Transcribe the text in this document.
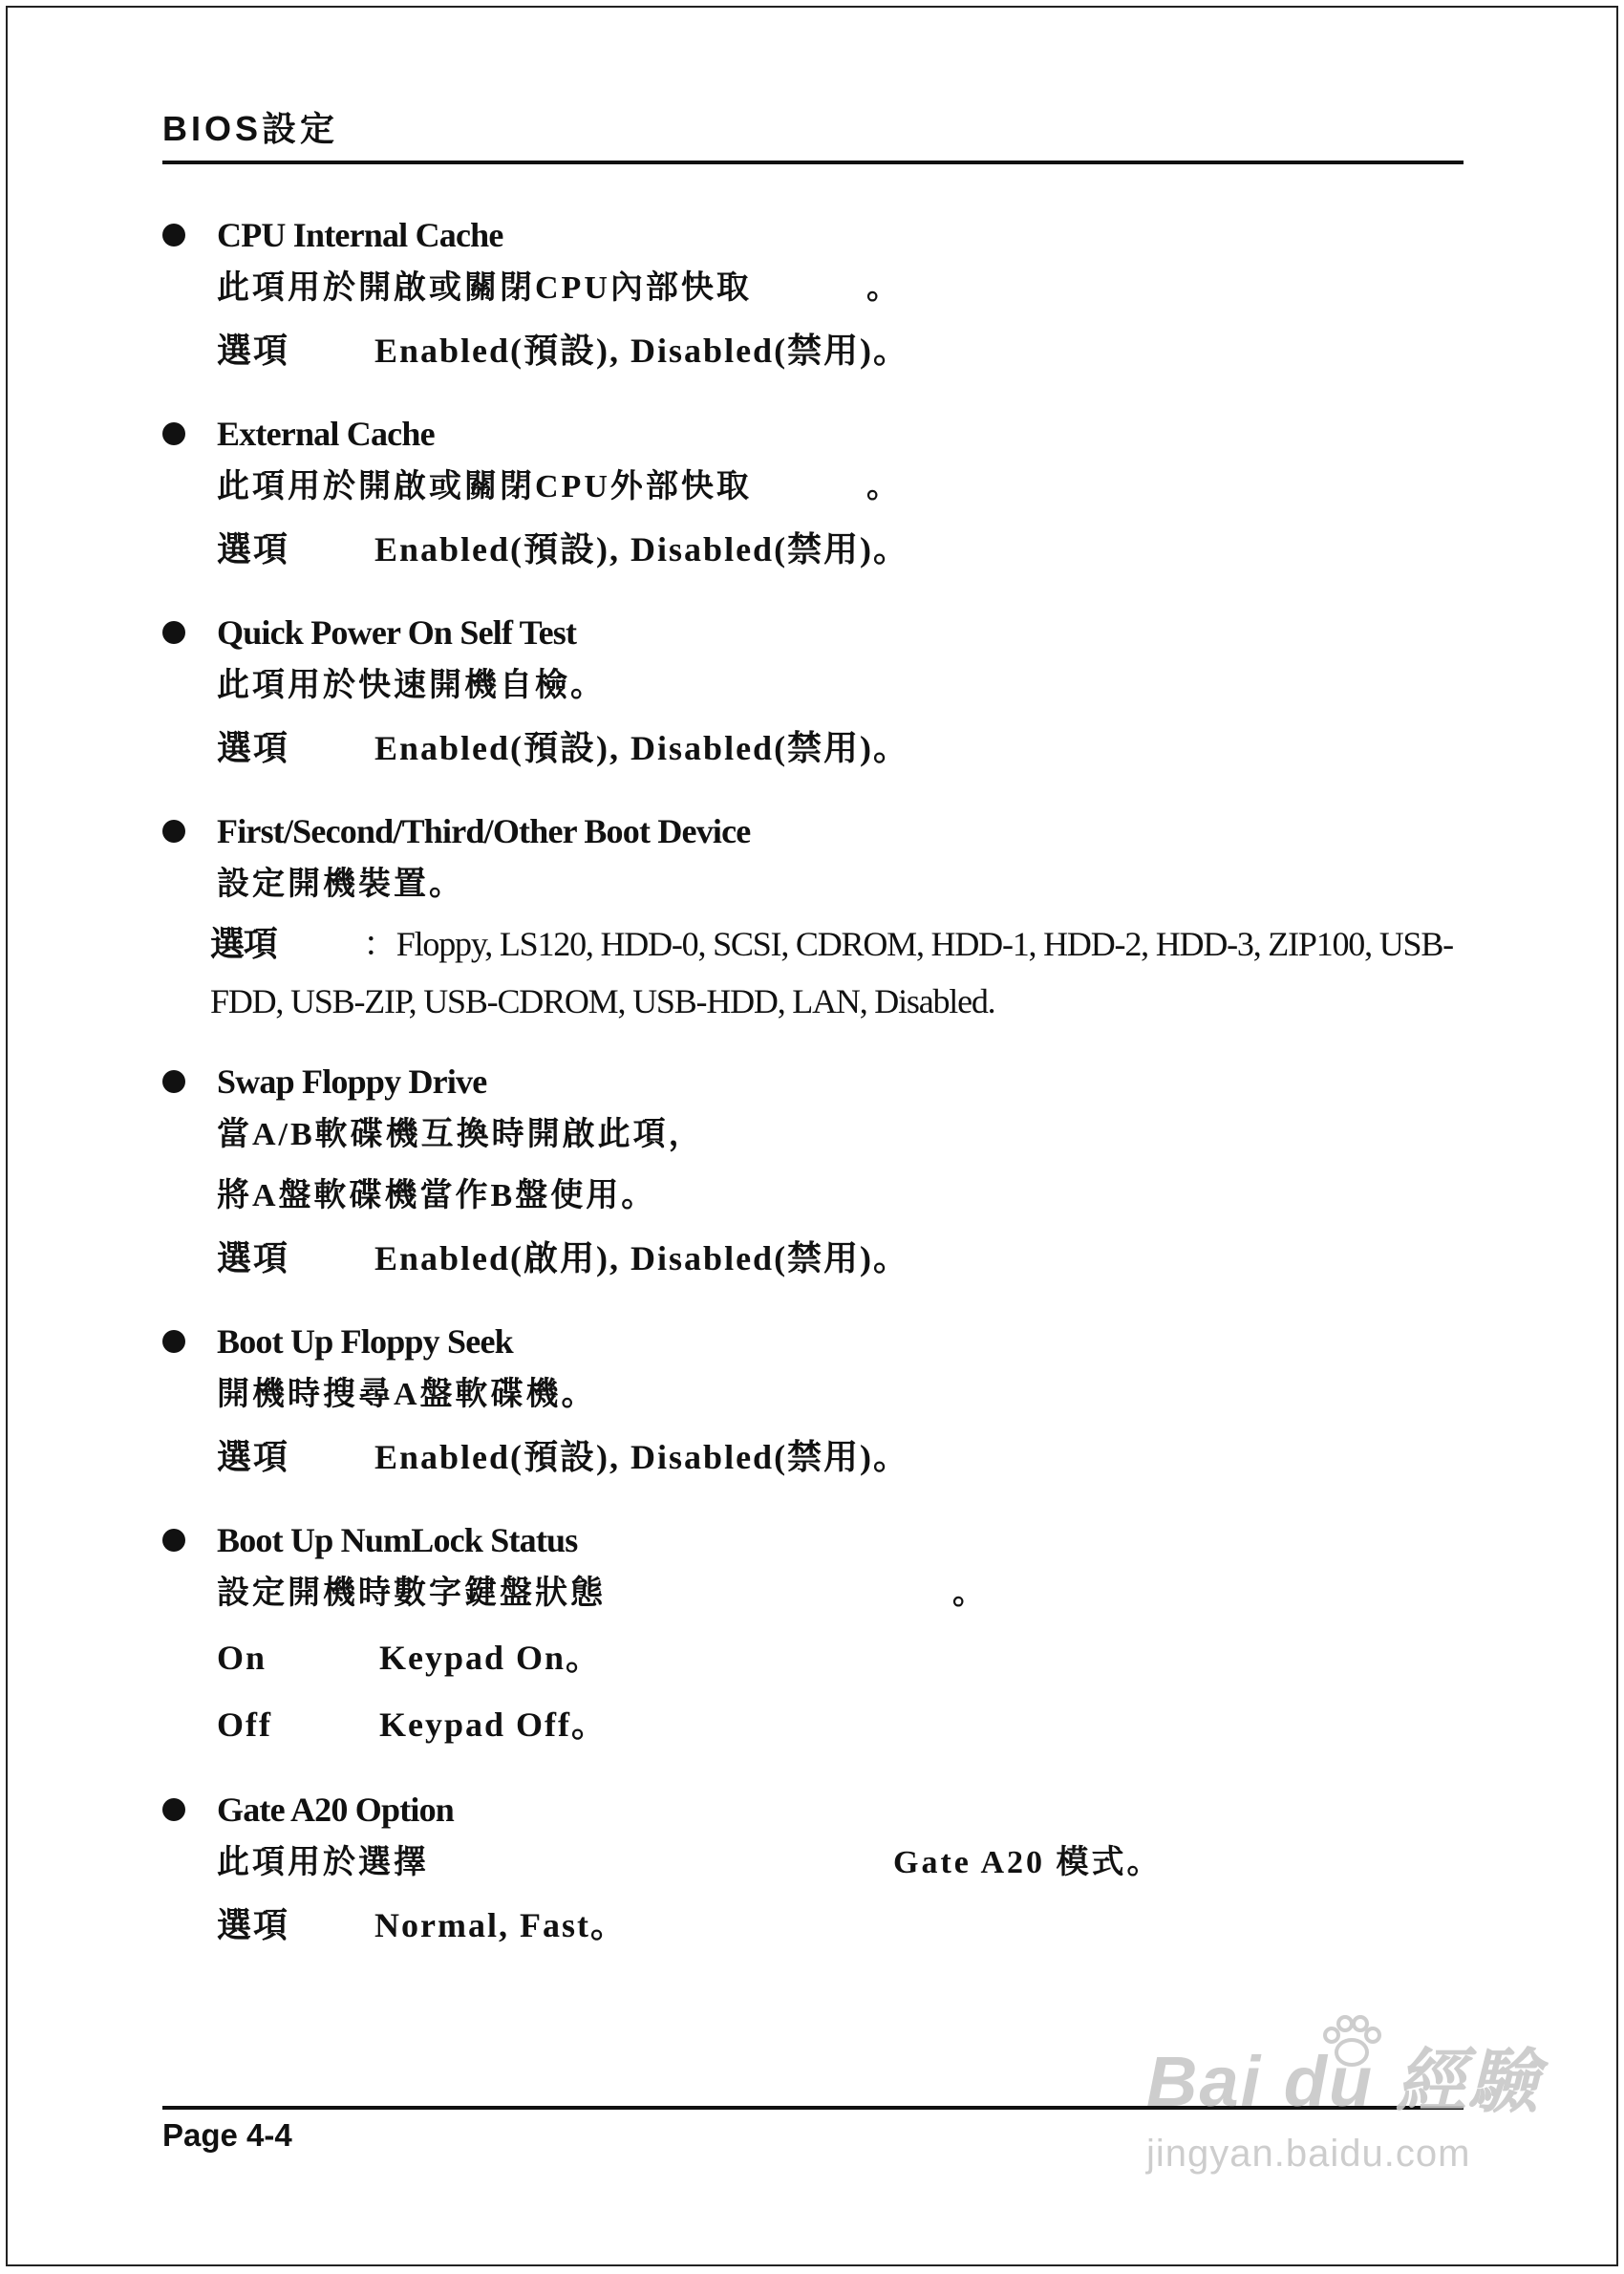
BIOS設定
CPU Internal Cache
此項用於開啟或關閉CPU內部快取	。
選項 Enabled(預設), Disabled(禁用)。
External Cache
此項用於開啟或關閉CPU外部快取	。
選項 Enabled(預設), Disabled(禁用)。
Quick Power On Self Test
此項用於快速開機自檢。
選項 Enabled(預設), Disabled(禁用)。
First/Second/Third/Other Boot Device
設定開機裝置。
選項	：Floppy, LS120, HDD-0, SCSI, CDROM, HDD-1, HDD-2, HDD-3, ZIP100, USB-FDD, USB-ZIP, USB-CDROM, USB-HDD, LAN, Disabled.
Swap Floppy Drive
當A/B軟碟機互換時開啟此項，
將A盤軟碟機當作B盤使用。
選項 Enabled(啟用), Disabled(禁用)。
Boot Up Floppy Seek
開機時搜尋A盤軟碟機。
選項 Enabled(預設), Disabled(禁用)。
Boot Up NumLock Status
設定開機時數字鍵盤狀態	。
On	Keypad On。
Off	Keypad Off。
Gate A20 Option
此項用於選擇	Gate A20 模式。
選項 Normal, Fast。
Page 4-4
Bai du 經驗
jingyan.baidu.com
